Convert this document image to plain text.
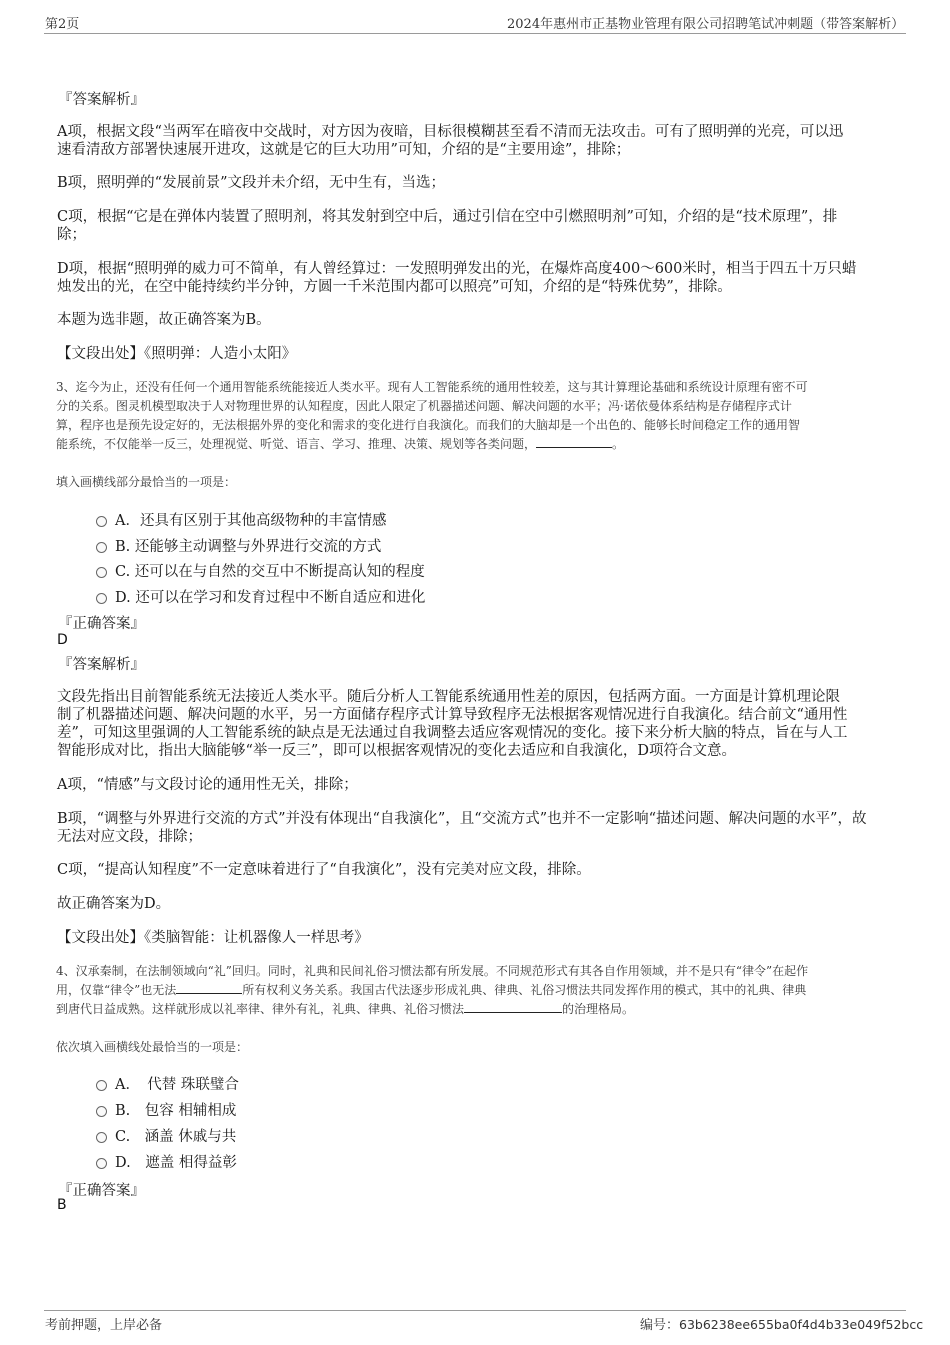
第2页	2024年惠州市正基物业管理有限公司招聘笔试冲刺题（带答案解析）
『答案解析』
A项，根据文段“当两军在暗夜中交战时，对方因为夜暗，目标很模糊甚至看不清而无法攻击。可有了照明弹的光亮，可以迅
速看清敌方部署快速展开进攻，这就是它的巨大功用”可知，介绍的是“主要用途”，排除；
B项，照明弹的“发展前景”文段并未介绍，无中生有，当选；
C项，根据“它是在弹体内装置了照明剂，将其发射到空中后，通过引信在空中引燃照明剂”可知，介绍的是“技术原理”，排
除；
D项，根据“照明弹的威力可不简单，有人曾经算过：一发照明弹发出的光，在爆炸高度400～600米时，相当于四五十万只蜡
烛发出的光，在空中能持续约半分钟，方圆一千米范围内都可以照亮”可知，介绍的是“特殊优势”，排除。
本题为选非题，故正确答案为B。
【文段出处】《照明弹：人造小太阳》
3、迄今为止，还没有任何一个通用智能系统能接近人类水平。现有人工智能系统的通用性较差，这与其计算理论基础和系统设计原理有密不可
分的关系。图灵机模型取决于人对物理世界的认知程度，因此人限定了机器描述问题、解决问题的水平；冯·诺依曼体系结构是存储程序式计
算，程序也是预先设定好的，无法根据外界的变化和需求的变化进行自我演化。而我们的大脑却是一个出色的、能够长时间稳定工作的通用智
能系统，不仅能举一反三，处理视觉、听觉、语言、学习、推理、决策、规划等各类问题，	。
填入画横线部分最恰当的一项是：
A．还具有区别于其他高级物种的丰富情感
B. 还能够主动调整与外界进行交流的方式
C. 还可以在与自然的交互中不断提高认知的程度
D. 还可以在学习和发育过程中不断自适应和进化
『正确答案』
D
『答案解析』
文段先指出目前智能系统无法接近人类水平。随后分析人工智能系统通用性差的原因，包括两方面。一方面是计算机理论限
制了机器描述问题、解决问题的水平，另一方面储存程序式计算导致程序无法根据客观情况进行自我演化。结合前文“通用性
差”，可知这里强调的人工智能系统的缺点是无法通过自我调整去适应客观情况的变化。接下来分析大脑的特点，旨在与人工
智能形成对比，指出大脑能够“举一反三”，即可以根据客观情况的变化去适应和自我演化，D项符合文意。
A项，“情感”与文段讨论的通用性无关，排除；
B项，“调整与外界进行交流的方式”并没有体现出“自我演化”，且“交流方式”也并不一定影响“描述问题、解决问题的水平”，故
无法对应文段，排除；
C项，“提高认知程度”不一定意味着进行了“自我演化”，没有完美对应文段，排除。
故正确答案为D。
【文段出处】《类脑智能：让机器像人一样思考》
4、汉承秦制，在法制领域向“礼”回归。同时，礼典和民间礼俗习惯法都有所发展。不同规范形式有其各自作用领域，并不是只有“律令”在起作
用，仅靠“律令”也无法	所有权利义务关系。我国古代法逐步形成礼典、律典、礼俗习惯法共同发挥作用的模式，其中的礼典、律典
到唐代日益成熟。这样就形成以礼率律、律外有礼，礼典、律典、礼俗习惯法	的治理格局。
依次填入画横线处最恰当的一项是：
A．　代替 珠联璧合
B.　包容 相辅相成
C.　涵盖 休戚与共
D.　遮盖 相得益彰
『正确答案』
B
考前押题，上岸必备	编号：63b6238ee655ba0f4d4b33e049f52bcc
